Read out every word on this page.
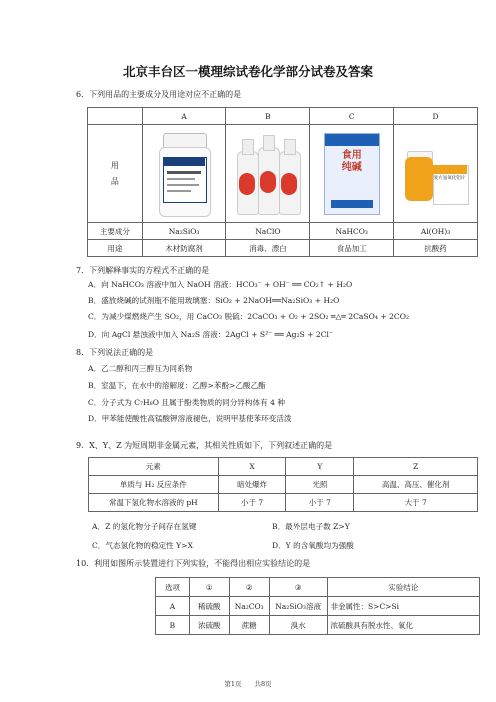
北京丰台区一模理综试卷化学部分试卷及答案
6．下列用品的主要成分及用途对应不正确的是
	A	B	C	D
用品			食用纯碱	复方氢氧化铝片

主要成分	Na₂SiO₃	NaClO	NaHCO₃	Al(OH)₃
用途	木材防腐剂	消毒、漂白	食品加工	抗酸药
7．下列解释事实的方程式不正确的是
A．向 NaHCO₃ 溶液中加入 NaOH 溶液：HCO₃⁻ + OH⁻ ══ CO₂↑ + H₂O
B．盛放烧碱的试剂瓶不能用玻璃塞：SiO₂ + 2NaOH══Na₂SiO₃ + H₂O
C．为减少煤燃烧产生 SO₂，用 CaCO₃ 脱硫：2CaCO₃ + O₂ + 2SO₂ ═△═ 2CaSO₄ + 2CO₂
D．向 AgCl 悬浊液中加入 Na₂S 溶液：2AgCl + S²⁻ ══ Ag₂S + 2Cl⁻
8．下列说法正确的是
A．乙二醇和丙三醇互为同系物
B．室温下，在水中的溶解度：乙醇>苯酚>乙酸乙酯
C．分子式为 C₇H₈O 且属于酚类物质的同分异构体有 4 种
D．甲苯能使酸性高锰酸钾溶液褪色，说明甲基使苯环变活泼
9．X、Y、Z 为短周期非金属元素，其相关性质如下，下列叙述正确的是
元素	X	Y	Z
单质与 H₂ 反应条件	暗处爆炸	光照	高温、高压、催化剂
常温下氢化物水溶液的 pH	小于 7	小于 7	大于 7
A．Z 的氢化物分子间存在氢键	B．最外层电子数 Z>Y
C．气态氢化物的稳定性 Y>X	D．Y 的含氧酸均为强酸
10．利用如图所示装置进行下列实验，不能得出相应实验结论的是
选项	①	②	③	实验结论
A	稀硫酸	Na₂CO₃	Na₂SiO₃溶液	非金属性：S>C>Si
B	浓硫酸	蔗糖	溴水	浓硫酸具有脱水性、氧化
第1页　　共8页
